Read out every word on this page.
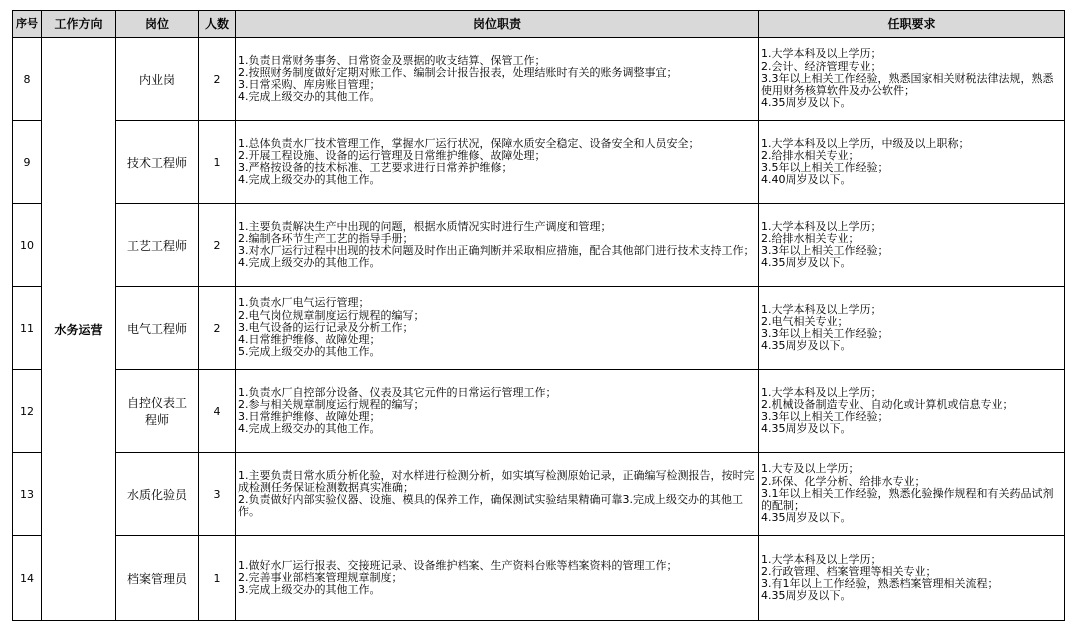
序号	工作方向	岗位	人数	岗位职责	任职要求
8	水务运营	内业岗	2	1.负责日常财务事务、日常资金及票据的收支结算、保管工作；
2.按照财务制度做好定期对账工作、编制会计报告报表，处理结账时有关的账务调整事宜；
3.日常采购、库房账目管理；
4.完成上级交办的其他工作。	1.大学本科及以上学历；
2.会计、经济管理专业；
3.3年以上相关工作经验，熟悉国家相关财税法律法规，熟悉使用财务核算软件及办公软件；
4.35周岁及以下。

9		技术工程师	1	1.总体负责水厂技术管理工作，掌握水厂运行状况，保障水质安全稳定、设备安全和人员安全；
2.开展工程设施、设备的运行管理及日常维护维修、故障处理；
3.严格按设备的技术标准、工艺要求进行日常养护维修；
4.完成上级交办的其他工作。	1.大学本科及以上学历，中级及以上职称；
2.给排水相关专业；
3.5年以上相关工作经验；
4.40周岁及以下。

10		工艺工程师	2	1.主要负责解决生产中出现的问题，根据水质情况实时进行生产调度和管理；
2.编制各环节生产工艺的指导手册；
3.对水厂运行过程中出现的技术问题及时作出正确判断并采取相应措施，配合其他部门进行技术支持工作；
4.完成上级交办的其他工作。	1.大学本科及以上学历；
2.给排水相关专业；
3.3年以上相关工作经验；
4.35周岁及以下。

11		电气工程师	2	1.负责水厂电气运行管理；
2.电气岗位规章制度运行规程的编写；
3.电气设备的运行记录及分析工作；
4.日常维护维修、故障处理；
5.完成上级交办的其他工作。	1.大学本科及以上学历；
2.电气相关专业；
3.3年以上相关工作经验；
4.35周岁及以下。

12		自控仪表工程师	4	1.负责水厂自控部分设备、仪表及其它元件的日常运行管理工作；
2.参与相关规章制度运行规程的编写；
3.日常维护维修、故障处理；
4.完成上级交办的其他工作。	1.大学本科及以上学历；
2.机械设备制造专业、自动化或计算机或信息专业；
3.3年以上相关工作经验；
4.35周岁及以下。

13		水质化验员	3	1.主要负责日常水质分析化验，对水样进行检测分析，如实填写检测原始记录，正确编写检测报告，按时完成检测任务保证检测数据真实准确；
2.负责做好内部实验仪器、设施、模具的保养工作，确保测试实验结果精确可靠3.完成上级交办的其他工作。	1.大专及以上学历；
2.环保、化学分析、给排水专业；
3.1年以上相关工作经验，熟悉化验操作规程和有关药品试剂的配制；
4.35周岁及以下。

14		档案管理员	1	1.做好水厂运行报表、交接班记录、设备维护档案、生产资料台账等档案资料的管理工作；
2.完善事业部档案管理规章制度；
3.完成上级交办的其他工作。	1.大学本科及以上学历；
2.行政管理、档案管理等相关专业；
3.有1年以上工作经验，熟悉档案管理相关流程；
4.35周岁及以下。
